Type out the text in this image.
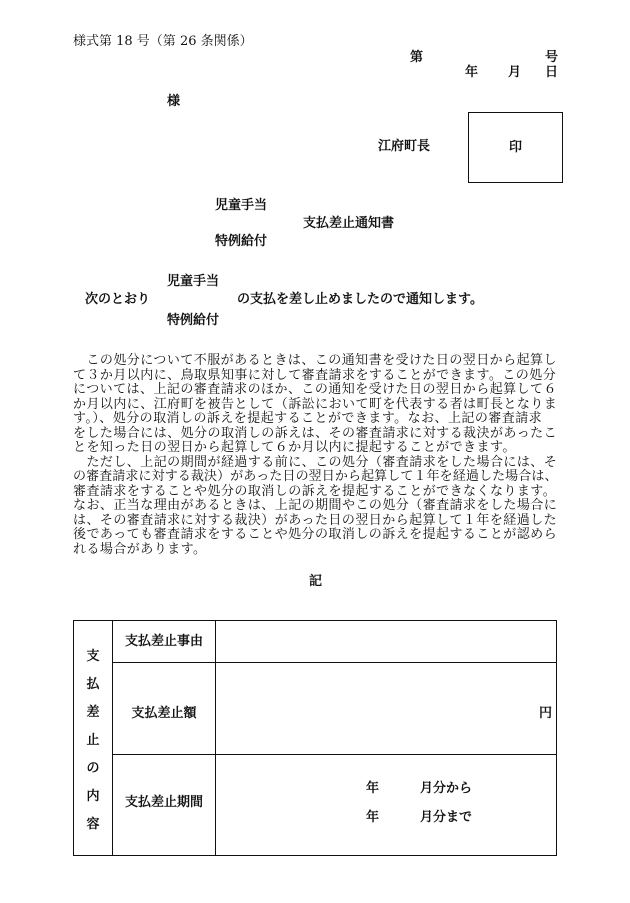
様式第 18 号（第 26 条関係）
第	号
年 月 日
様
江府町長	印
児童手当
支払差止通知書
特例給付
児童手当
次のとおり	の支払を差し止めましたので通知します。
特例給付
この処分について不服があるときは、この通知書を受けた日の翌日から起算し
て３か月以内に、鳥取県知事に対して審査請求をすることができます。この処分
については、上記の審査請求のほか、この通知を受けた日の翌日から起算して６
か月以内に、江府町を被告として（訴訟において町を代表する者は町長となりま
す。）、処分の取消しの訴えを提起することができます。なお、上記の審査請求
をした場合には、処分の取消しの訴えは、その審査請求に対する裁決があったこ
とを知った日の翌日から起算して６か月以内に提起することができます。
ただし、上記の期間が経過する前に、この処分（審査請求をした場合には、そ
の審査請求に対する裁決）があった日の翌日から起算して１年を経過した場合は、
審査請求をすることや処分の取消しの訴えを提起することができなくなります。
なお、正当な理由があるときは、上記の期間やこの処分（審査請求をした場合に
は、その審査請求に対する裁決）があった日の翌日から起算して１年を経過した
後であっても審査請求をすることや処分の取消しの訴えを提起することが認めら
れる場合があります。
記
支払差止の内容
支払差止事由
支払差止額	円
支払差止期間
年	月分から
年	月分まで
